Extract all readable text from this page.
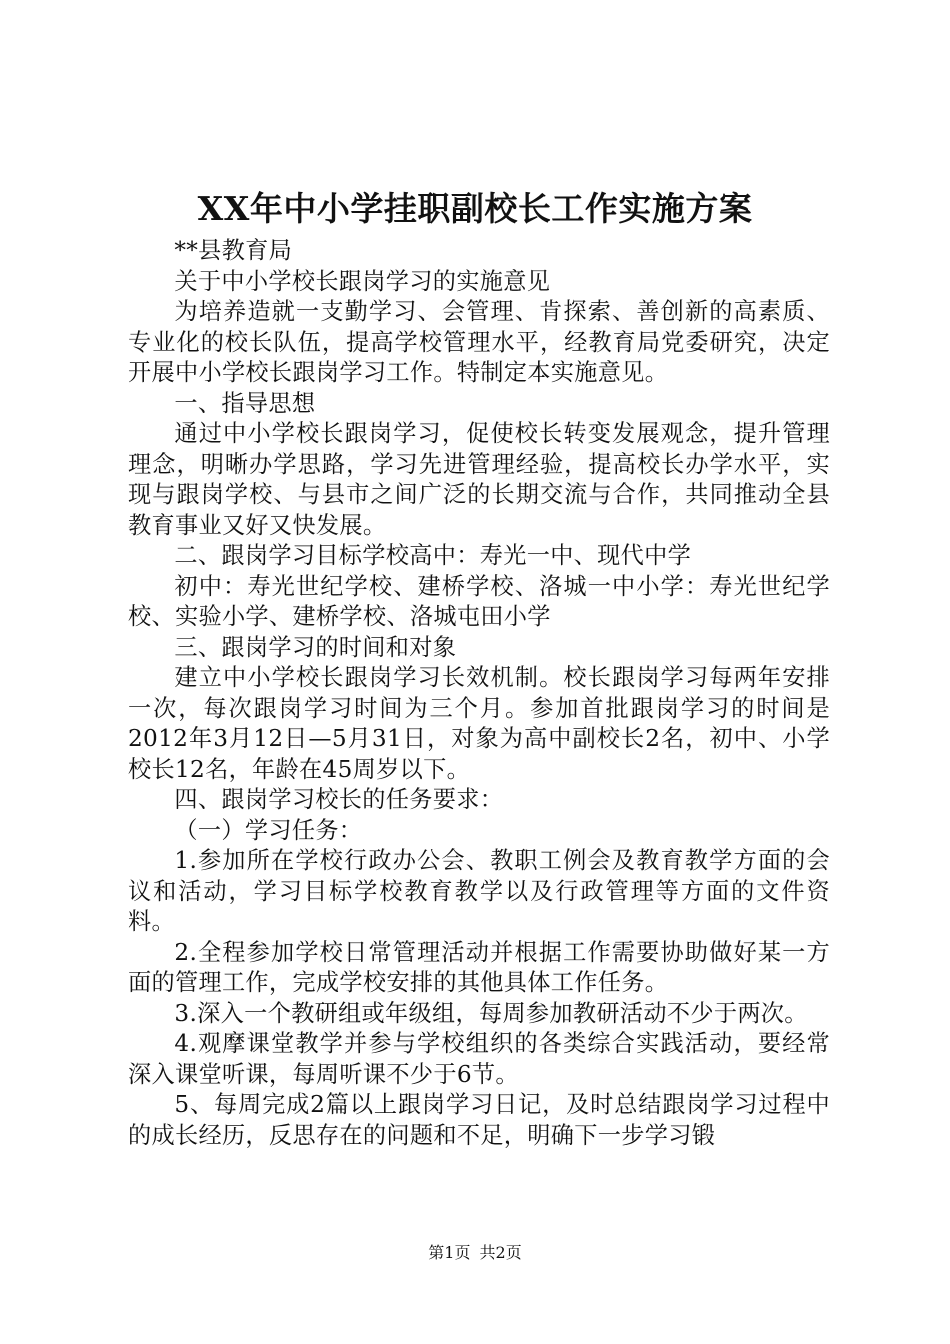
XX年中小学挂职副校长工作实施方案

**县教育局

关于中小学校长跟岗学习的实施意见

为培养造就一支勤学习、会管理、肯探索、善创新的高素质、专业化的校长队伍，提高学校管理水平，经教育局党委研究，决定开展中小学校长跟岗学习工作。特制定本实施意见。

一、指导思想

通过中小学校长跟岗学习，促使校长转变发展观念，提升管理理念，明晰办学思路，学习先进管理经验，提高校长办学水平，实现与跟岗学校、与县市之间广泛的长期交流与合作，共同推动全县教育事业又好又快发展。

二、跟岗学习目标学校高中：寿光一中、现代中学

初中：寿光世纪学校、建桥学校、洛城一中小学：寿光世纪学校、实验小学、建桥学校、洛城屯田小学

三、跟岗学习的时间和对象

建立中小学校长跟岗学习长效机制。校长跟岗学习每两年安排一次，每次跟岗学习时间为三个月。参加首批跟岗学习的时间是2012年3月12日—5月31日，对象为高中副校长2名，初中、小学校长12名，年龄在45周岁以下。

四、跟岗学习校长的任务要求：

（一）学习任务：

1.参加所在学校行政办公会、教职工例会及教育教学方面的会议和活动，学习目标学校教育教学以及行政管理等方面的文件资料。

2.全程参加学校日常管理活动并根据工作需要协助做好某一方面的管理工作，完成学校安排的其他具体工作任务。

3.深入一个教研组或年级组，每周参加教研活动不少于两次。

4.观摩课堂教学并参与学校组织的各类综合实践活动，要经常深入课堂听课，每周听课不少于6节。

5、每周完成2篇以上跟岗学习日记，及时总结跟岗学习过程中的成长经历，反思存在的问题和不足，明确下一步学习锻

第1页 共2页
